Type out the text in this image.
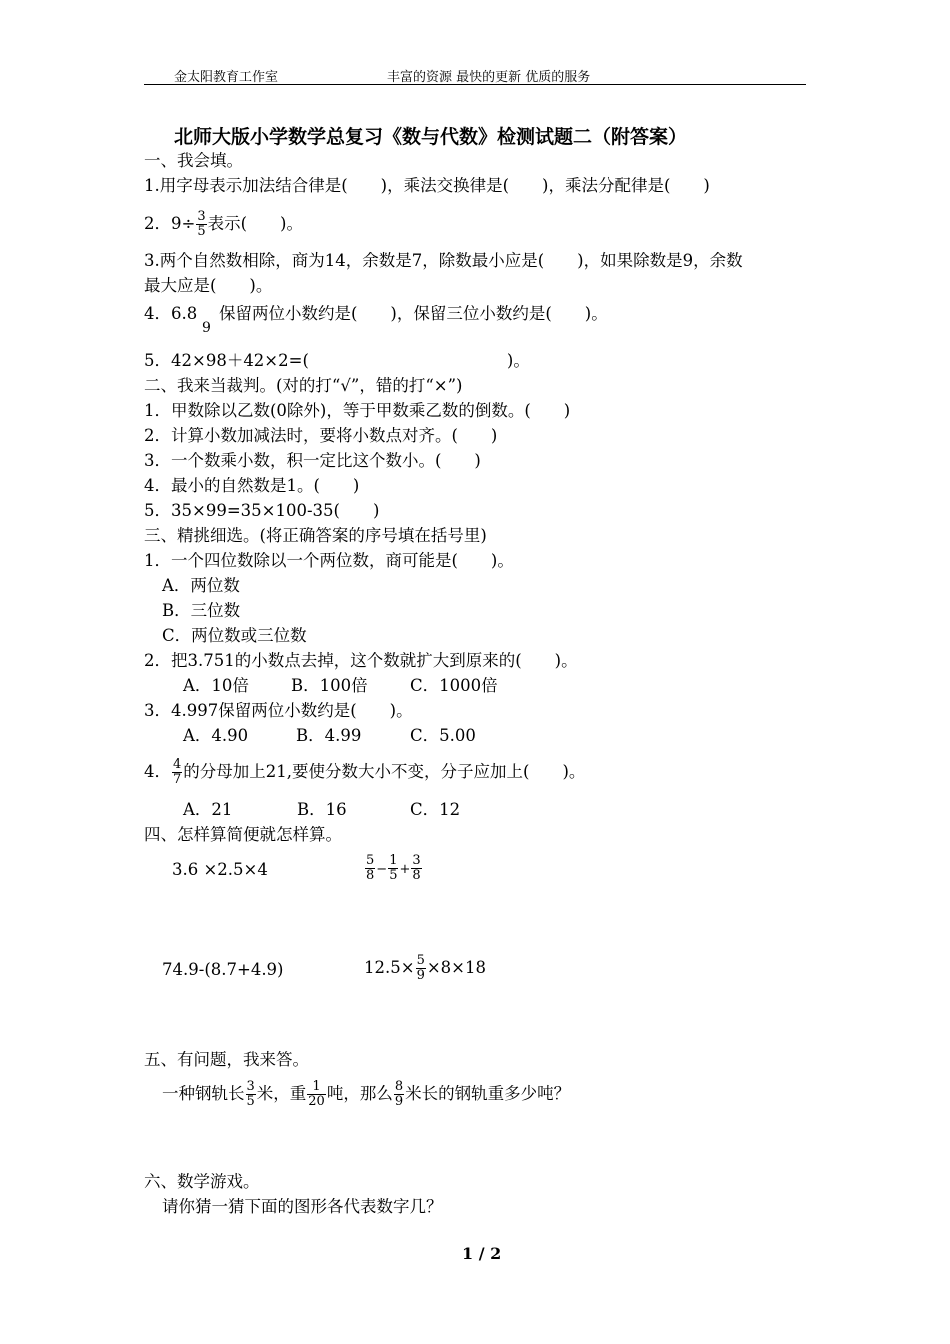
金太阳教育工作室	丰富的资源 最快的更新 优质的服务
北师大版小学数学总复习《数与代数》检测试题二（附答案）
一、我会填。
1.用字母表示加法结合律是(　　)，乘法交换律是(　　)，乘法分配律是(　　)
2．$9\div \frac{3}{5}$ 表示(　　)。
3.两个自然数相除，商为14，余数是7，除数最小应是(　　)，如果除数是9，余数
最大应是(　　)。
4．6.8 　保留两位小数约是(　　)，保留三位小数约是(　　)。
9
5．42×98＋42×2=(　　　　　　　　　　　　)。
二、我来当裁判。(对的打“√”，错的打“×”)
1．甲数除以乙数(0除外)，等于甲数乘乙数的倒数。(　　)
2．计算小数加减法时，要将小数点对齐。(　　)
3．一个数乘小数，积一定比这个数小。(　　)
4．最小的自然数是1。(　　)
5．35×99=35×100-35(　　)
三、精挑细选。(将正确答案的序号填在括号里)
1．一个四位数除以一个两位数，商可能是(　　)。
A．两位数
B．三位数
C．两位数或三位数
2．把3.751的小数点去掉，这个数就扩大到原来的(　　)。
A．10倍	B．100倍	C．1000倍
3．4.997保留两位小数约是(　　)。
A．4.90	B．4.99	C．5.00
4． $\frac{4}{7}$ 的分母加上21,要使分数大小不变，分子应加上(　　)。
A．21	B．16	C．12
四、怎样算简便就怎样算。
3.6 ×2.5×4	$\frac{5}{8} - \frac{1}{5} + \frac{3}{8}$
74.9-(8.7+4.9)	$12.5\times \frac{5}{9} \times 8\times 18$
五、有问题，我来答。
一种钢轨长 $\frac{3}{5}$ 米，重 $\frac{1}{20}$ 吨，那么 $\frac{8}{9}$ 米长的钢轨重多少吨？
六、数学游戏。
请你猜一猜下面的图形各代表数字几？
1 / 2
